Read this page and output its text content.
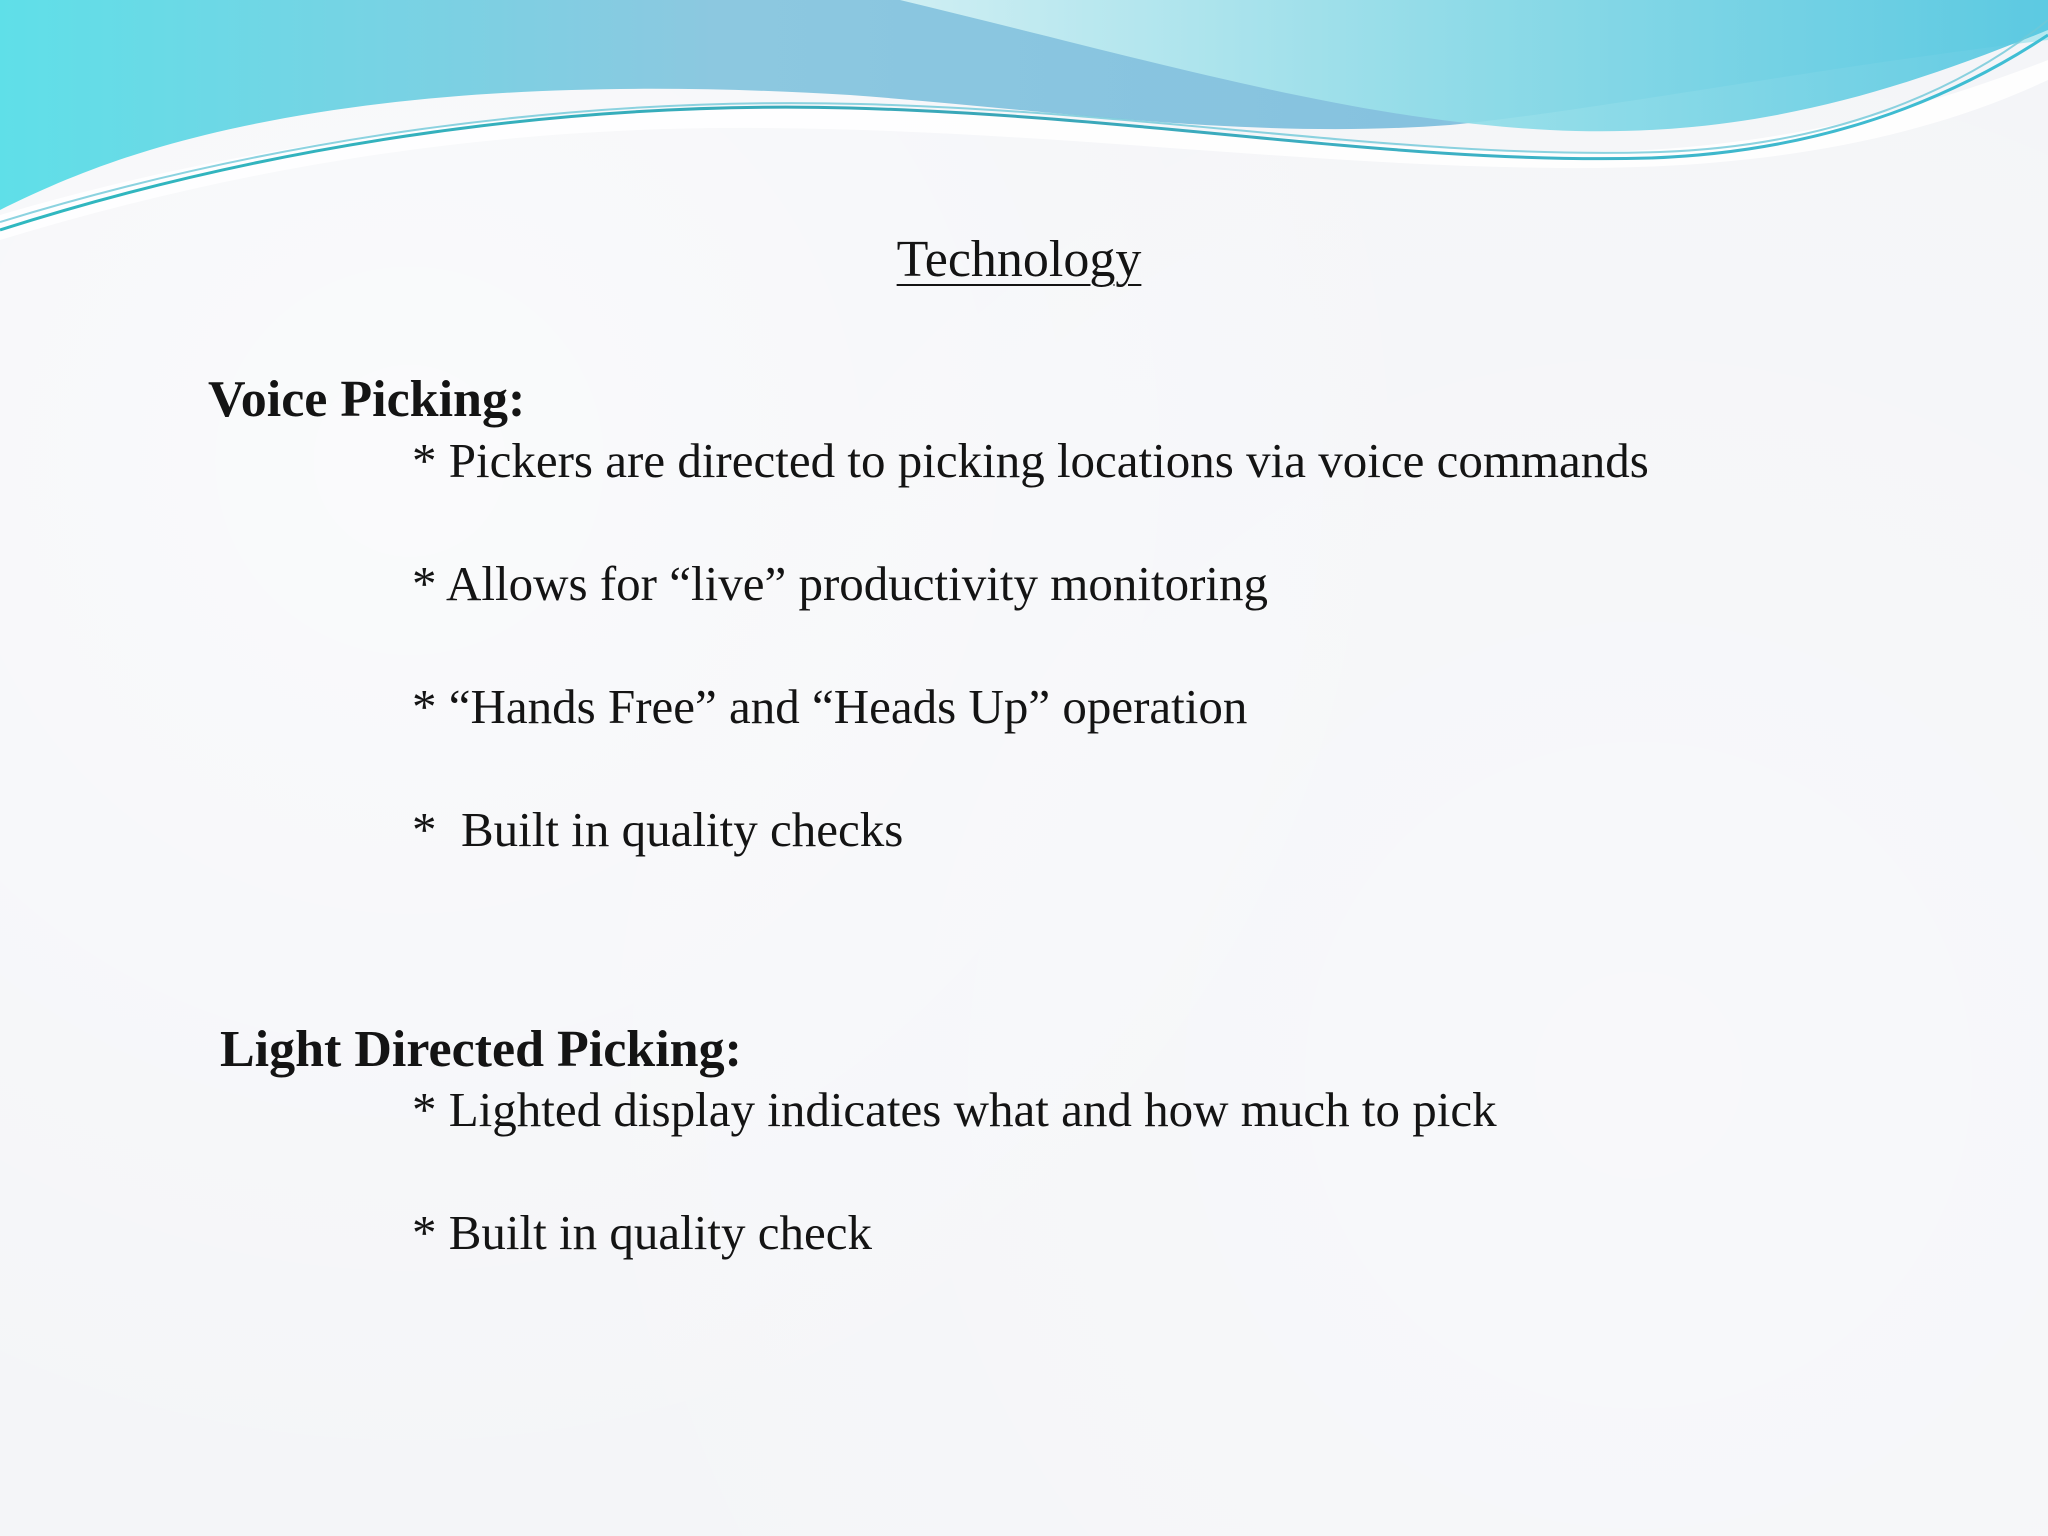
Technology
Voice Picking:
* Pickers are directed to picking locations via voice commands
* Allows for “live” productivity monitoring
* “Hands Free” and “Heads Up” operation
*  Built in quality checks
Light Directed Picking:
* Lighted display indicates what and how much to pick
* Built in quality check
